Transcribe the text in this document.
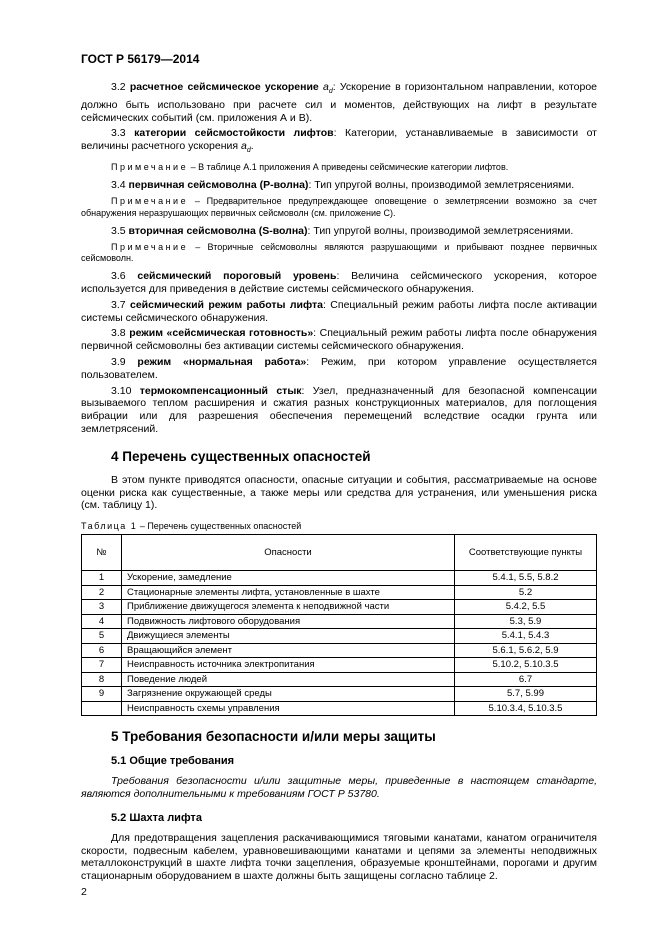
ГОСТ Р 56179—2014

3.2 расчетное сейсмическое ускорение $a_d$: Ускорение в горизонтальном направлении, которое должно быть использовано при расчете сил и моментов, действующих на лифт в результате сейсмических событий (см. приложения А и В).

3.3 категории сейсмостойкости лифтов: Категории, устанавливаемые в зависимости от величины расчетного ускорения $a_d$.

Примечание – В таблице А.1 приложения А приведены сейсмические категории лифтов.

3.4 первичная сейсмоволна (Р-волна): Тип упругой волны, производимой землетрясениями.

Примечание – Предварительное предупреждающее оповещение о землетрясении возможно за счет обнаружения неразрушающих первичных сейсмоволн (см. приложение С).

3.5 вторичная сейсмоволна (S-волна): Тип упругой волны, производимой землетрясениями.

Примечание – Вторичные сейсмоволны являются разрушающими и прибывают позднее первичных сейсмоволн.

3.6 сейсмический пороговый уровень: Величина сейсмического ускорения, которое используется для приведения в действие системы сейсмического обнаружения.

3.7 сейсмический режим работы лифта: Специальный режим работы лифта после активации системы сейсмического обнаружения.

3.8 режим «сейсмическая готовность»: Специальный режим работы лифта после обнаружения первичной сейсмоволны без активации системы сейсмического обнаружения.

3.9 режим «нормальная работа»: Режим, при котором управление осуществляется пользователем.

3.10 термокомпенсационный стык: Узел, предназначенный для безопасной компенсации вызываемого теплом расширения и сжатия разных конструкционных материалов, для поглощения вибрации или для разрешения обеспечения перемещений вследствие осадки грунта или землетрясений.

4 Перечень существенных опасностей

В этом пункте приводятся опасности, опасные ситуации и события, рассматриваемые на основе оценки риска как существенные, а также меры или средства для устранения, или уменьшения риска (см. таблицу 1).

Таблица 1 – Перечень существенных опасностей
№	Опасности	Соответствующие пункты
1	Ускорение, замедление	5.4.1, 5.5, 5.8.2
2	Стационарные элементы лифта, установленные в шахте	5.2
3	Приближение движущегося элемента к неподвижной части	5.4.2, 5.5
4	Подвижность лифтового оборудования	5.3, 5.9
5	Движущиеся элементы	5.4.1, 5.4.3
6	Вращающийся элемент	5.6.1, 5.6.2, 5.9
7	Неисправность источника электропитания	5.10.2, 5.10.3.5
8	Поведение людей	6.7
9	Загрязнение окружающей среды	5.7, 5.99
	Неисправность схемы управления	5.10.3.4, 5.10.3.5
5 Требования безопасности и/или меры защиты
5.1 Общие требования

Требования безопасности и/или защитные меры, приведенные в настоящем стандарте, являются дополнительными к требованиям ГОСТ Р 53780.

5.2 Шахта лифта

Для предотвращения зацепления раскачивающимися тяговыми канатами, канатом ограничителя скорости, подвесным кабелем, уравновешивающими канатами и цепями за элементы неподвижных металлоконструкций в шахте лифта точки зацепления, образуемые кронштейнами, порогами и другим стационарным оборудованием в шахте должны быть защищены согласно таблице 2.

2
